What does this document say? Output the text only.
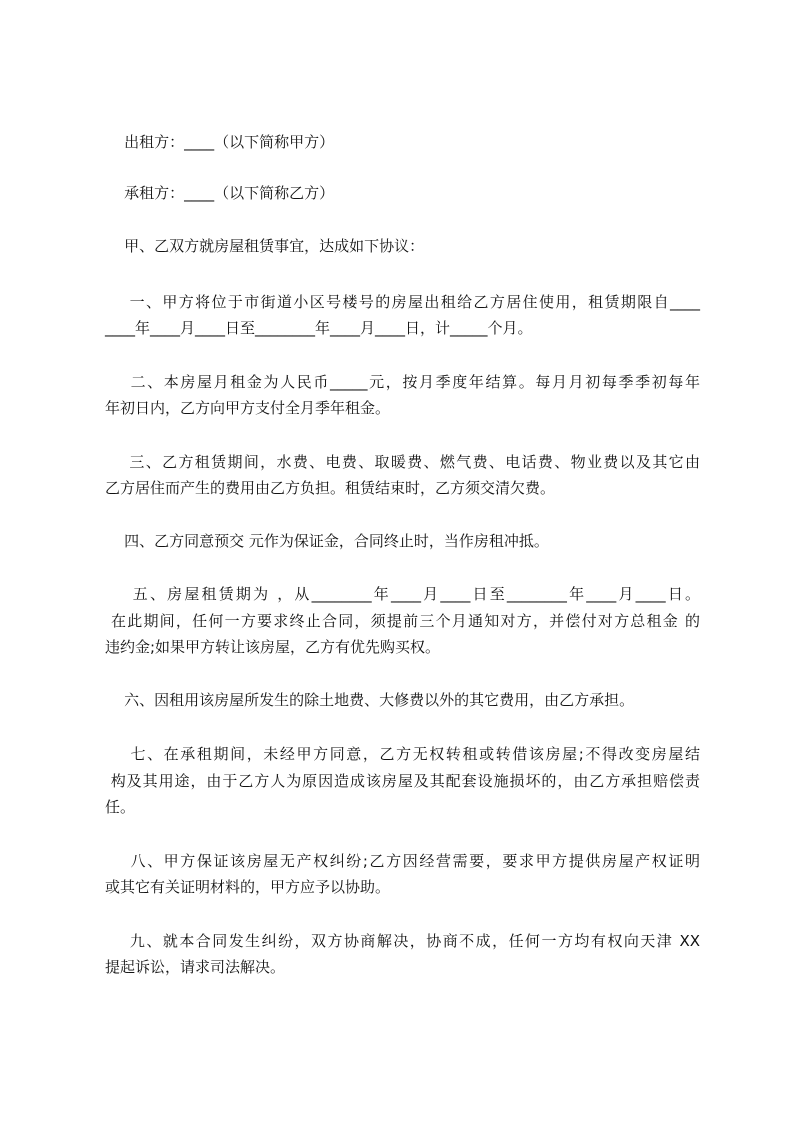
出租方：____（以下简称甲方）
承租方：____（以下简称乙方）
甲、乙双方就房屋租赁事宜，达成如下协议：
一、甲方将位于市街道小区号楼号的房屋出租给乙方居住使用，租赁期限自____
____年____月____日至________年____月____日，计_____个月。
二、本房屋月租金为人民币_____元，按月季度年结算。每月月初每季季初每年
年初日内，乙方向甲方支付全月季年租金。
三、乙方租赁期间，水费、电费、取暖费、燃气费、电话费、物业费以及其它由
乙方居住而产生的费用由乙方负担。租赁结束时，乙方须交清欠费。
四、乙方同意预交 元作为保证金，合同终止时，当作房租冲抵。
五、房屋租赁期为 ，从________年____月____日至________年____月____日。
在此期间，任何一方要求终止合同，须提前三个月通知对方，并偿付对方总租金 的
违约金;如果甲方转让该房屋，乙方有优先购买权。
六、因租用该房屋所发生的除土地费、大修费以外的其它费用，由乙方承担。
七、在承租期间，未经甲方同意，乙方无权转租或转借该房屋;不得改变房屋结
构及其用途，由于乙方人为原因造成该房屋及其配套设施损坏的，由乙方承担赔偿责
任。
八、甲方保证该房屋无产权纠纷;乙方因经营需要，要求甲方提供房屋产权证明
或其它有关证明材料的，甲方应予以协助。
九、就本合同发生纠纷，双方协商解决，协商不成，任何一方均有权向天津 XX
提起诉讼，请求司法解决。
